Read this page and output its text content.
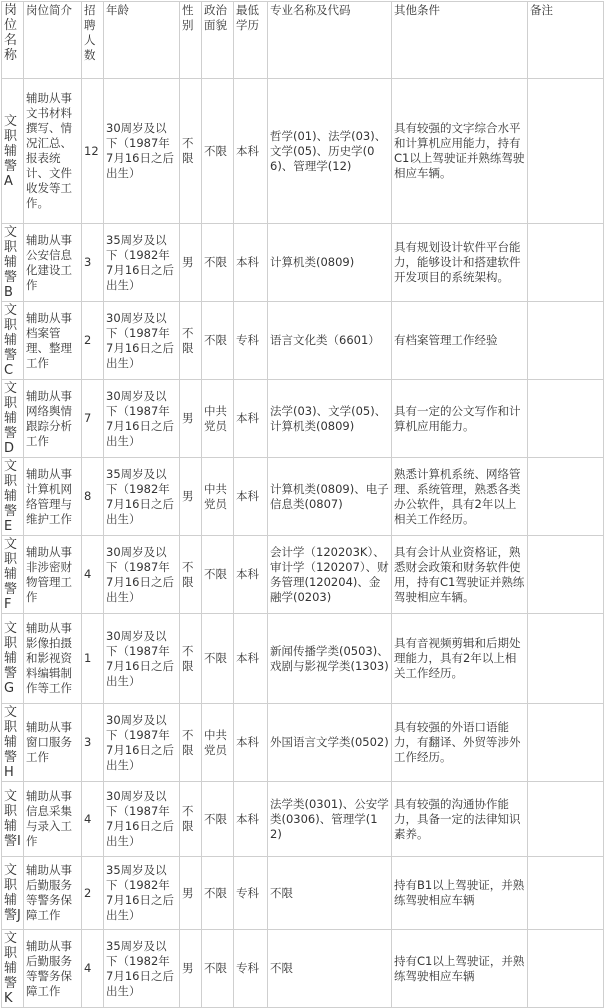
岗位名称	岗位简介	招聘人数	年龄	性别	政治面貌	最低学历	专业名称及代码	其他条件	备注
文职辅警A	辅助从事文书材料撰写、情况汇总、报表统计、文件收发等工作。	12	30周岁及以下（1987年7月16日之后出生）	不限	不限	本科	哲学(01)、法学(03)、文学(05)、历史学(06)、管理学(12)	具有较强的文字综合水平和计算机应用能力，持有C1以上驾驶证并熟练驾驶相应车辆。	
文职辅警B	辅助从事公安信息化建设工作	3	35周岁及以下（1982年7月16日之后出生）	男	不限	本科	计算机类(0809)	具有规划设计软件平台能力，能够设计和搭建软件开发项目的系统架构。	
文职辅警C	辅助从事档案管理、整理工作	2	30周岁及以下（1987年7月16日之后出生）	不限	不限	专科	语言文化类（6601）	有档案管理工作经验	
文职辅警D	辅助从事网络舆情跟踪分析工作	7	30周岁及以下（1987年7月16日之后出生）	男	中共党员	本科	法学(03)、文学(05)、计算机类(0809)	具有一定的公文写作和计算机应用能力。	
文职辅警E	辅助从事计算机网络管理与维护工作	8	35周岁及以下（1982年7月16日之后出生）	男	中共党员	本科	计算机类(0809)、电子信息类(0807)	熟悉计算机系统、网络管理、系统管理，熟悉各类办公软件，具有2年以上相关工作经历。	
文职辅警F	辅助从事非涉密财物管理工作	4	30周岁及以下（1987年7月16日之后出生）	不限	不限	本科	会计学（120203K）、审计学（120207）、财务管理(120204)、金融学(0203)	具有会计从业资格证，熟悉财会政策和财务软件使用，持有C1驾驶证并熟练驾驶相应车辆。	
文职辅警G	辅助从事影像拍摄和影视资料编辑制作等工作	1	30周岁及以下（1987年7月16日之后出生）	不限	不限	本科	新闻传播学类(0503)、戏剧与影视学类(1303)	具有音视频剪辑和后期处理能力，具有2年以上相关工作经历。	
文职辅警H	辅助从事窗口服务工作	3	30周岁及以下（1987年7月16日之后出生）	不限	中共党员	本科	外国语言文学类(0502)	具有较强的外语口语能力，有翻译、外贸等涉外工作经历。	
文职辅警I	辅助从事信息采集与录入工作	4	30周岁及以下（1987年7月16日之后出生）	不限	不限	本科	法学类(0301)、公安学类(0306)、管理学(12)	具有较强的沟通协作能力，具备一定的法律知识素养。	
文职辅警J	辅助从事后勤服务等警务保障工作	2	35周岁及以下（1982年7月16日之后出生）	男	不限	专科	不限	持有B1以上驾驶证，并熟练驾驶相应车辆	
文职辅警K	辅助从事后勤服务等警务保障工作	4	35周岁及以下（1982年7月16日之后出生）	男	不限	专科	不限	持有C1以上驾驶证，并熟练驾驶相应车辆	
